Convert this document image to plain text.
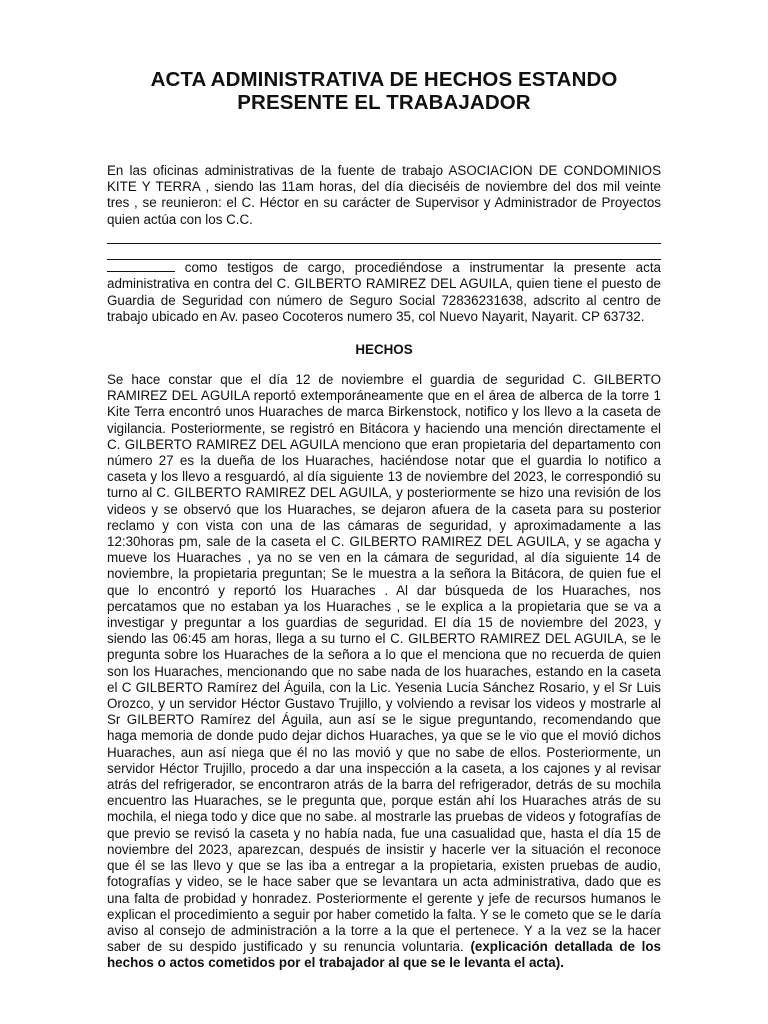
ACTA ADMINISTRATIVA DE HECHOS ESTANDO
PRESENTE EL TRABAJADOR
En las oficinas administrativas de la fuente de trabajo ASOCIACION DE CONDOMINIOS KITE Y TERRA , siendo las 11am horas, del día dieciséis de noviembre del dos mil veinte tres , se reunieron: el C. Héctor en su carácter de Supervisor y Administrador de Proyectos quien actúa con los C.C.
como testigos de cargo, procediéndose a instrumentar la presente acta administrativa en contra del C. GILBERTO RAMIREZ DEL AGUILA, quien tiene el puesto de Guardia de Seguridad con número de Seguro Social 72836231638, adscrito al centro de trabajo ubicado en Av. paseo Cocoteros numero 35, col Nuevo Nayarit, Nayarit. CP 63732.
HECHOS
Se hace constar que el día 12 de noviembre el guardia de seguridad C. GILBERTO RAMIREZ DEL AGUILA reportó extemporáneamente que en el área de alberca de la torre 1 Kite Terra encontró unos Huaraches de marca Birkenstock, notifico y los llevo a la caseta de vigilancia. Posteriormente, se registró en Bitácora y haciendo una mención directamente el C. GILBERTO RAMIREZ DEL AGUILA menciono que eran propietaria del departamento con número 27 es la dueña de los Huaraches, haciéndose notar que el guardia lo notifico a caseta y los llevo a resguardó, al día siguiente 13 de noviembre del 2023, le correspondió su turno al C. GILBERTO RAMIREZ DEL AGUILA, y posteriormente se hizo una revisión de los videos y se observó que los Huaraches, se dejaron afuera de la caseta para su posterior reclamo y con vista con una de las cámaras de seguridad, y aproximadamente a las 12:30horas pm, sale de la caseta el C. GILBERTO RAMIREZ DEL AGUILA, y se agacha y mueve los Huaraches , ya no se ven en la cámara de seguridad, al día siguiente 14 de noviembre, la propietaria preguntan; Se le muestra a la señora la Bitácora, de quien fue el que lo encontró y reportó los Huaraches . Al dar búsqueda de los Huaraches, nos percatamos que no estaban ya los Huaraches , se le explica a la propietaria que se va a investigar y preguntar a los guardias de seguridad. El día 15 de noviembre del 2023, y siendo las 06:45 am horas, llega a su turno el C. GILBERTO RAMIREZ DEL AGUILA, se le pregunta sobre los Huaraches de la señora a lo que el menciona que no recuerda de quien son los Huaraches, mencionando que no sabe nada de los huaraches, estando en la caseta el C GILBERTO Ramírez del Águila, con la Lic. Yesenia Lucia Sánchez Rosario, y el Sr Luis Orozco, y un servidor Héctor Gustavo Trujillo, y volviendo a revisar los videos y mostrarle al Sr GILBERTO Ramírez del Águila, aun así se le sigue preguntando, recomendando que haga memoria de donde pudo dejar dichos Huaraches, ya que se le vio que el movió dichos Huaraches, aun así niega que él no las movió y que no sabe de ellos. Posteriormente, un servidor Héctor Trujillo, procedo a dar una inspección a la caseta, a los cajones y al revisar atrás del refrigerador, se encontraron atrás de la barra del refrigerador, detrás de su mochila encuentro las Huaraches, se le pregunta que, porque están ahí los Huaraches atrás de su mochila, el niega todo y dice que no sabe. al mostrarle las pruebas de videos y fotografías de que previo se revisó la caseta y no había nada, fue una casualidad que, hasta el día 15 de noviembre del 2023, aparezcan, después de insistir y hacerle ver la situación el reconoce que él se las llevo y que se las iba a entregar a la propietaria, existen pruebas de audio, fotografías y video, se le hace saber que se levantara un acta administrativa, dado que es una falta de probidad y honradez. Posteriormente el gerente y jefe de recursos humanos le explican el procedimiento a seguir por haber cometido la falta. Y se le cometo que se le daría aviso al consejo de administración a la torre a la que el pertenece. Y a la vez se la hacer saber de su despido justificado y su renuncia voluntaria. (explicación detallada de los hechos o actos cometidos por el trabajador al que se le levanta el acta).
